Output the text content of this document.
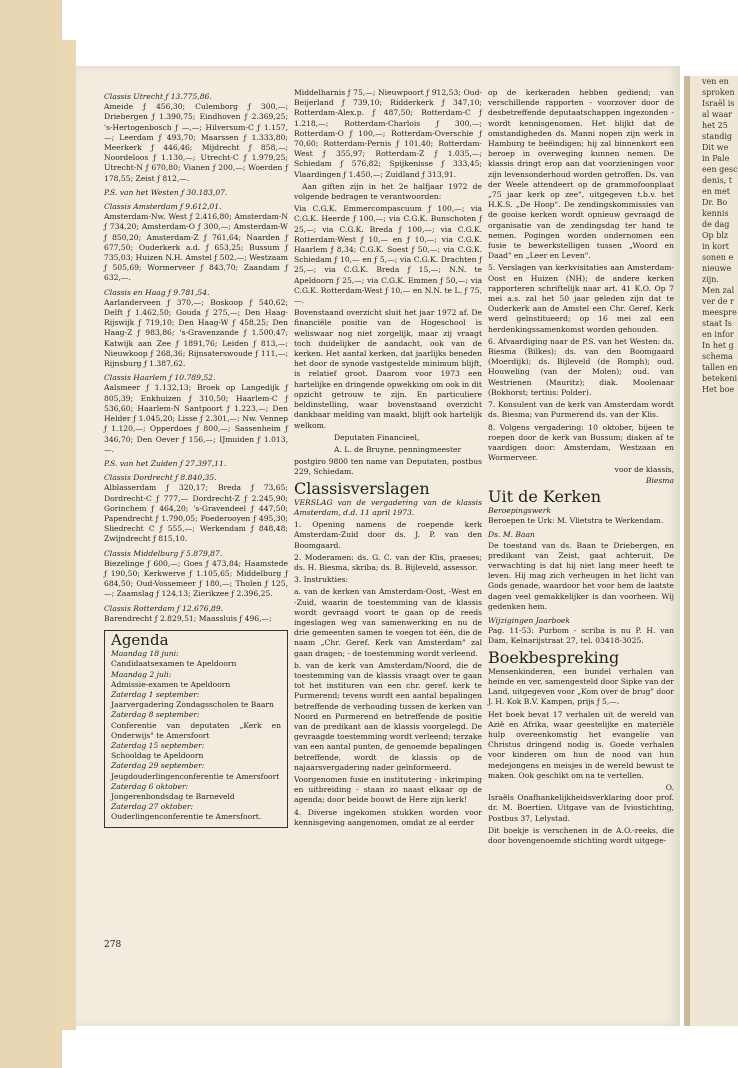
ven en
sproken
Israël is
al waar
het 25
standig
Dit we
in Pale
een gesc
denis, t
en met
Dr. Bo
kennis
de dag
Op blz
in kort
sonen e
nieuwe
zijn.
Men zal
ver de r
meespre
staat Is
en infor
In het g
schema
tallen en
betekeni
Het boe
Classis Utrecht ƒ 13.775,86.
Ameide ƒ 456,30; Culemborg ƒ 300,—; Driebergen ƒ 1.390,75; Eindhoven ƒ 2.369,25; 's-Hertogenbosch ƒ —,—; Hilversum-C ƒ 1.157,—; Leerdam ƒ 493,70; Maarssen ƒ 1.333,80; Meerkerk ƒ 446,46; Mijdrecht ƒ 858,—; Noordeloos ƒ 1.130,—; Utrecht-C ƒ 1.979,25; Utrecht-N ƒ 670,80; Vianen ƒ 200,—; Woerden ƒ 178,55; Zeist ƒ 812,—.
P.S. van het Westen ƒ 30.183,07.
Classis Amsterdam ƒ 9.612,01.
Amsterdam-Nw. West ƒ 2.416,80; Amsterdam-N ƒ 734,20; Amsterdam-O ƒ 300,—; Amsterdam-W ƒ 850,20; Amsterdam-Z ƒ 761,64; Naarden ƒ 677,50; Ouderkerk a.d. ƒ 653,25; Bussum ƒ 735,03; Huizen N.H. Amstel ƒ 502,—; Westzaam ƒ 505,69; Wormerveer ƒ 843,70; Zaandam ƒ 632,—.
Classis en Haag ƒ 9.781,54.
Aarlanderveen ƒ 370,—; Boskoop ƒ 540,62; Delft ƒ 1.462,50; Gouda ƒ 275,—; Den Haag-Rijswijk ƒ 719,10; Den Haag-W ƒ 458,25; Den Haag-Z ƒ 983,86; 's-Gravenzande ƒ 1.500,47; Katwijk aan Zee ƒ 1891,76; Leiden ƒ 813,—; Nieuwkoop ƒ 268,36; Rijnsaterswoude ƒ 111,—; Rijnsburg ƒ 1.387,62.
Classis Haarlem ƒ 10.789,52.
Aalsmeer ƒ 1.132,13; Broek op Langedijk ƒ 805,39; Enkhuizen ƒ 310,50; Haarlem-C ƒ 536,60; Haarlem-N Santpoort ƒ 1.223,—; Den Helder ƒ 1.045,20; Lisse ƒ 2.301,—; Nw. Vennep ƒ 1.120,—; Opperdoes ƒ 800,—; Sassenheim ƒ 346,70; Den Oever ƒ 156,—; IJmuiden ƒ 1.013,—.
P.S. van het Zuiden ƒ 27.397,11.
Classis Dordrecht ƒ 8.840,35.
Alblasserdam ƒ 320,17; Breda ƒ 73,65; Dordrecht-C ƒ 777,— Dordrecht-Z ƒ 2.245,90; Gorinchem ƒ 464,20; 's-Gravendeel ƒ 447,50; Papendrecht ƒ 1.790,05; Poederooyen ƒ 495,30; Sliedrecht C ƒ 555,—; Werkendam ƒ 848,48; Zwijndrecht ƒ 815,10.
Classis Middelburg ƒ 5.879,87.
Biezelinge ƒ 600,—; Goes ƒ 473,84; Haamstede ƒ 190,50; Kerkwerve ƒ 1.105,65; Middelburg ƒ 684,50; Oud-Vossemeer ƒ 180,—; Tholen ƒ 125,—; Zaamslag ƒ 124,13; Zierikzee ƒ 2.396,25.
Classis Rotterdam ƒ 12.676,89.
Barendrecht ƒ 2.829,51; Maassluis ƒ 496,—;
Agenda
Maandag 18 juni:
Candidaatsexamen te Apeldoorn
Maandag 2 juli:
Admissie-examen te Apeldoorn
Zaterdag 1 september:
Jaarvergadering Zondagsscholen te Baarn
Zaterdag 8 september:
Conferentie van deputaten „Kerk en Onderwijs" te Amersfoort
Zaterdag 15 september:
Schooldag te Apeldoorn
Zaterdag 29 september:
Jeugdouderlingenconferentie te Amersfoort
Zaterdag 6 oktober:
Jongerenbondsdag te Barneveld
Zaterdag 27 oktober:
Ouderlingenconferentie te Amersfoort.
278
Middelharnis ƒ 75,—; Nieuwpoort ƒ 912,53; Oud-Beijerland ƒ 739,10; Ridderkerk ƒ 347,10; Rotterdam-Alex.p. ƒ 487,50; Rotterdam-C ƒ 1.218,—; Rotterdam-Charlois ƒ 300,—; Rotterdam-O ƒ 100,—; Rotterdam-Overschie ƒ 70,60; Rotterdam-Pernis ƒ 101,40; Rotterdam-West ƒ 355,97; Rotterdam-Z ƒ 1.035,—; Schiedam ƒ 576,82; Spijkenisse ƒ 333,45; Vlaardingen ƒ 1.450,—; Zuidland ƒ 313,91.
Aan giften zijn in het 2e halfjaar 1972 de volgende bedragen te verantwoorden:
Via C.G.K. Emmercompascuum ƒ 100,—; via C.G.K. Heerde ƒ 100,—; via C.G.K. Bunschoten ƒ 25,—; via C.G.K. Breda ƒ 100,—; via C.G.K. Rotterdam-West ƒ 10,— en ƒ 10,—; via C.G.K. Haarlem ƒ 8,34; C.G.K. Soest ƒ 50,—; via C.G.K. Schiedam ƒ 10,— en ƒ 5,—; via C.G.K. Drachten ƒ 25,—; via C.G.K. Breda ƒ 15,—; N.N. te Apeldoorn ƒ 25,—; via C.G.K. Emmen ƒ 50,—; via C.G.K. Rotterdam-West ƒ 10,— en N.N. te L. ƒ 75,—.
Bovenstaand overzicht sluit het jaar 1972 af. De financiële positie van de Hogeschool is weliswaar nog niet zorgelijk, maar zij vraagt toch duidelijker de aandacht, ook van de kerken. Het aantal kerken, dat jaarlijks beneden het door de synode vastgestelde minimum blijft, is relatief groot. Daarom voor 1973 een hartelijke en dringende opwekking om ook in dit opzicht getrouw te zijn. En particuliere beldinstelling, waar bovenstaand overzicht dankbaar melding van maakt, blijft ook hartelijk welkom.
Deputaten Financieel,
A. L. de Bruyne, penningmeester
postgiro 9800 ten name van Deputaten, postbus 229, Schiedam.
Classisverslagen
VERSLAG van de vergadering van de klassis Amsterdam, d.d. 11 april 1973.
1. Opening namens de roepende kerk Amsterdam-Zuid door ds. J. P. van den Boomgaard.
2. Moderamen: ds. G. C. van der Klis, praeses; ds. H. Biesma, skriba; ds. B. Bijleveld, assessor.
3. Instrukties:
a. van de kerken van Amsterdam-Oost, -West en -Zuid, waarin de toestemming van de klassis wordt gevraagd voort te gaan op de reeds ingeslagen weg van samenwerking en nu de drie gemeenten samen te voegen tot één, die de naam „Chr. Geref. Kerk van Amsterdam" zal gaan dragen; - de toestemming wordt verleend.
b. van de kerk van Amsterdam/Noord, die de toestemming van de klassis vraagt over te gaan tot het instituren van een chr. geref. kerk te Purmerend; tevens wordt een aantal bepalingen betreffende de verhouding tussen de kerken van Noord en Purmerend en betreffende de positie van de predikant aan de klassis voorgelegd. De gevraagde toestemming wordt verleend; terzake van een aantal punten, de genoemde bepalingen betreffende, wordt de klassis op de najaarsvergadering nader geïnformeerd.
Voorgenomen fusie en institutering - inkrimping en uitbreiding - staan zo naast elkaar op de agenda; door beide bouwt de Here zijn kerk!
4. Diverse ingekomen stukken worden voor kennisgeving aangenomen, omdat ze al eerder
op de kerkeraden hebben gediend; van verschillende rapporten - voorzover door de desbetreffende deputaatschappen ingezonden - wordt kennisgenomen. Het blijkt dat de omstandigheden ds. Manni nopen zijn werk in Hamburg te beëindigen; hij zal binnenkort een beroep in overweging kunnen nemen. De klassis dringt erop aan dat voorzieningen voor zijn levensonderhoud worden getroffen. Ds. van der Weele attendeert op de grammofoonplaat „75 jaar kerk op zee", uitgegeven t.b.v. het H.K.S. „De Hoop". De zendingskommissies van de gooise kerken wordt opnieuw gevraagd de organisatie van de zendingsdag ter hand te nemen. Pogingen worden ondernomen een fusie te bewerkstelligen tussen „Woord en Daad" en „Leer en Leven".
5. Verslagen van kerkvisitaties aan Amsterdam-Oost en Huizen (NH); de andere kerken rapporteren schriftelijk naar art. 41 K.O. Op 7 mei a.s. zal het 50 jaar geleden zijn dat te Ouderkerk aan de Amstel een Chr. Geref. Kerk werd geïnstitueerd; op 16 mei zal een herdenkingssamenkomst worden gehouden.
6. Afvaardiging naar de P.S. van het Westen: ds. Biesma (Bilkes); ds. van den Boomgaard (Moerdijk); ds. Bijleveld (de Romph); oud. Houweling (van der Molen); oud. van Westrienen (Mauritz); diak. Moolenaar (Bokhorst; tertius: Polder).
7. Konsulent van de kerk van Amsterdam wordt ds. Biesma; van Purmerend ds. van der Klis.
8. Volgens vergadering: 10 oktober, bijeen te roepen door de kerk van Bussum; diaken af te vaardigen door: Amsterdam, Westzaan en Wormerveer.
voor de klassis,
Biesma
Uit de Kerken
Beroepingswerk
Beroepen te Urk: M. Vlietstra te Werkendam.
Ds. M. Baan
De toestand van ds. Baan te Driebergen, en predikant van Zeist, gaat achteruit. De verwachting is dat hij niet lang meer heeft te leven. Hij mag zich verheugen in het licht van Gods genade, waardoor het voor hem de laatste dagen veel gemakkelijker is dan voorheen. Wij gedenken hem.
Wijzigingen Jaarboek
Pag. 11-53: Purbom - scriba is nu P. H. van Dam, Kelnarijstraat 27, tel. 03418-3025.
Boekbespreking
Mensenkinderen, een bundel verhalen van heinde en ver, samengesteld door Sipke van der Land, uitgegeven voor „Kom over de brug" door J. H. Kok B.V. Kampen, prijs ƒ 5,—.
Het boek bevat 17 verhalen uit de wereld van Azië en Afrika, waar geestelijke en materiële hulp overeenkomstig het evangelie van Christus dringend nodig is. Goede verhalen voor kinderen om hun de nood van hun medejongens en meisjes in de wereld bewust te maken. Ook geschikt om na te vertellen.
O.
Israëls Onafhankelijkheidsverklaring door prof. dr. M. Boertien. Uitgave van de Iviostichting, Postbus 37, Lelystad.
Dit boekje is verschenen in de A.O.-reeks, die door bovengenoemde stichting wordt uitgege-
